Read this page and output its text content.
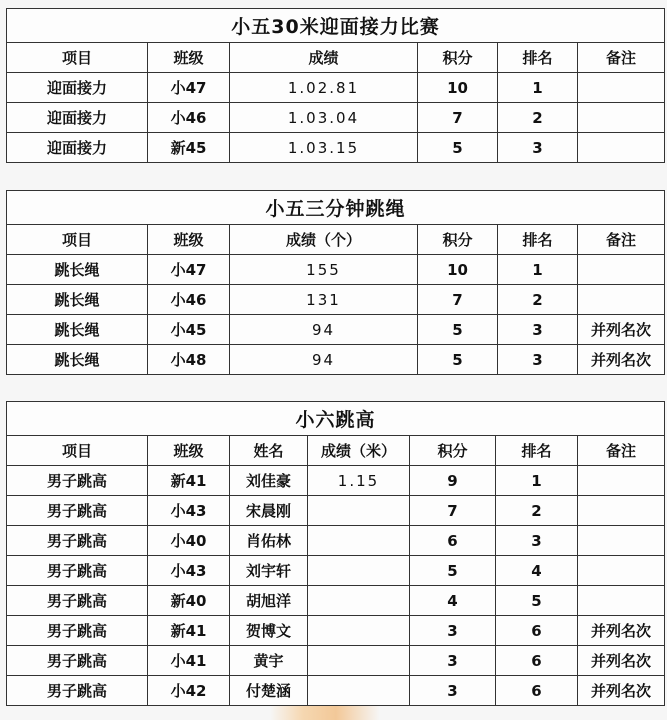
小五30米迎面接力比赛					
项目	班级	成绩	积分	排名	备注
迎面接力	小47	1.02.81	10	1	
迎面接力	小46	1.03.04	7	2	
迎面接力	新45	1.03.15	5	3	
小五三分钟跳绳					
项目	班级	成绩（个）	积分	排名	备注
跳长绳	小47	155	10	1	
跳长绳	小46	131	7	2	
跳长绳	小45	94	5	3	并列名次
跳长绳	小48	94	5	3	并列名次
小六跳高						
项目	班级	姓名	成绩（米）	积分	排名	备注
男子跳高	新41	刘佳豪	1.15	9	1	
男子跳高	小43	宋晨刚		7	2	
男子跳高	小40	肖佑林		6	3	
男子跳高	小43	刘宇轩		5	4	
男子跳高	新40	胡旭洋		4	5	
男子跳高	新41	贺博文		3	6	并列名次
男子跳高	小41	黄宇		3	6	并列名次
男子跳高	小42	付楚涵		3	6	并列名次
